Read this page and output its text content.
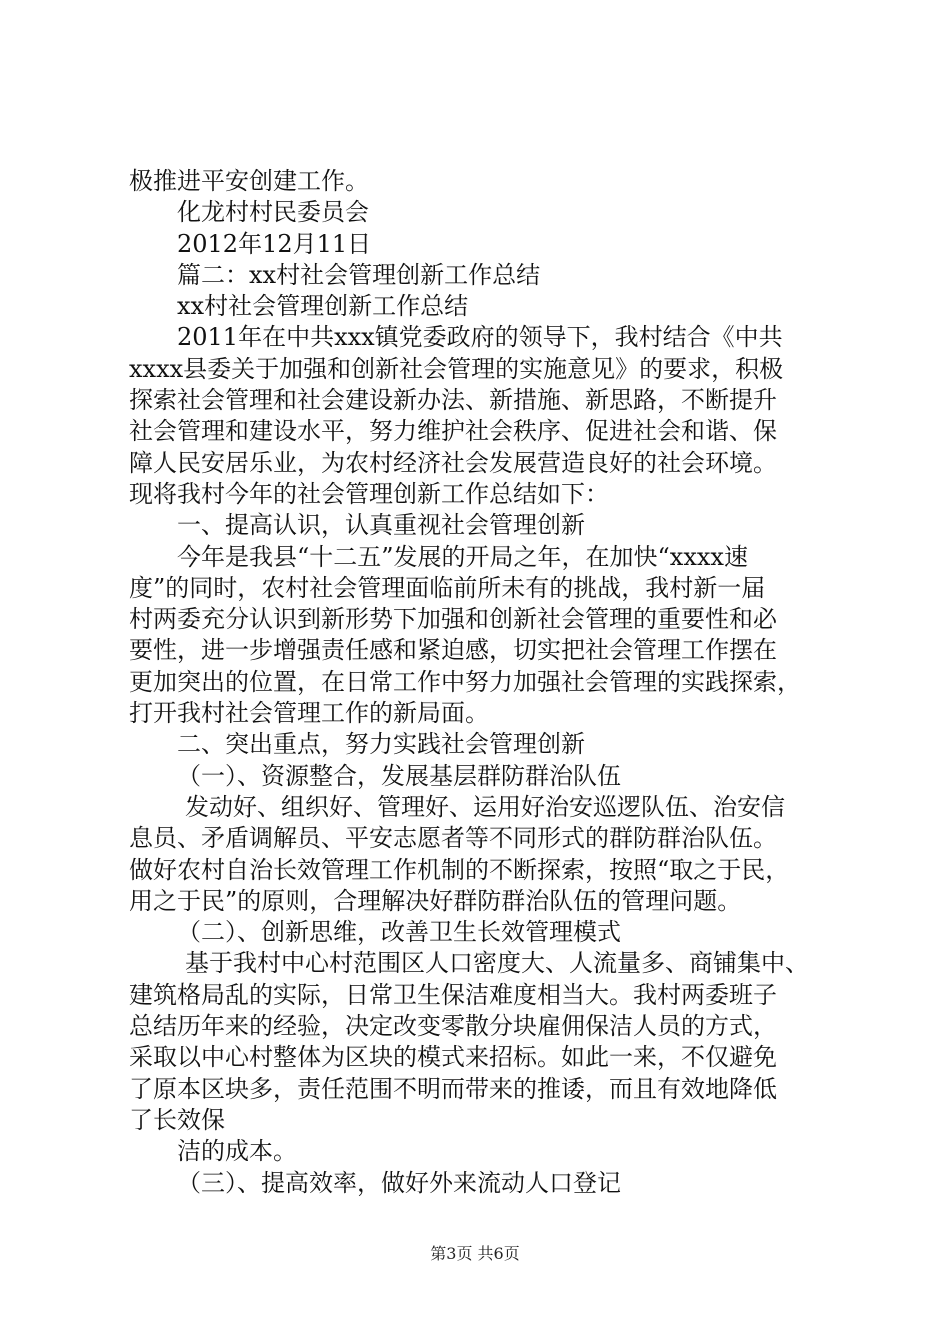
极推进平安创建工作。
化龙村村民委员会
2012年12月11日
篇二：xx村社会管理创新工作总结
xx村社会管理创新工作总结
2011年在中共xxx镇党委政府的领导下，我村结合《中共
xxxx县委关于加强和创新社会管理的实施意见》的要求，积极
探索社会管理和社会建设新办法、新措施、新思路，不断提升
社会管理和建设水平，努力维护社会秩序、促进社会和谐、保
障人民安居乐业，为农村经济社会发展营造良好的社会环境。
现将我村今年的社会管理创新工作总结如下：
一、提高认识，认真重视社会管理创新
今年是我县“十二五”发展的开局之年，在加快“xxxx速
度”的同时，农村社会管理面临前所未有的挑战，我村新一届
村两委充分认识到新形势下加强和创新社会管理的重要性和必
要性，进一步增强责任感和紧迫感，切实把社会管理工作摆在
更加突出的位置，在日常工作中努力加强社会管理的实践探索，
打开我村社会管理工作的新局面。
二、突出重点，努力实践社会管理创新
（一）、资源整合，发展基层群防群治队伍
发动好、组织好、管理好、运用好治安巡逻队伍、治安信
息员、矛盾调解员、平安志愿者等不同形式的群防群治队伍。
做好农村自治长效管理工作机制的不断探索，按照“取之于民，
用之于民”的原则，合理解决好群防群治队伍的管理问题。
（二）、创新思维，改善卫生长效管理模式
基于我村中心村范围区人口密度大、人流量多、商铺集中、
建筑格局乱的实际，日常卫生保洁难度相当大。我村两委班子
总结历年来的经验，决定改变零散分块雇佣保洁人员的方式，
采取以中心村整体为区块的模式来招标。如此一来，不仅避免
了原本区块多，责任范围不明而带来的推诿，而且有效地降低
了长效保
洁的成本。
（三）、提高效率，做好外来流动人口登记
第3页 共6页
